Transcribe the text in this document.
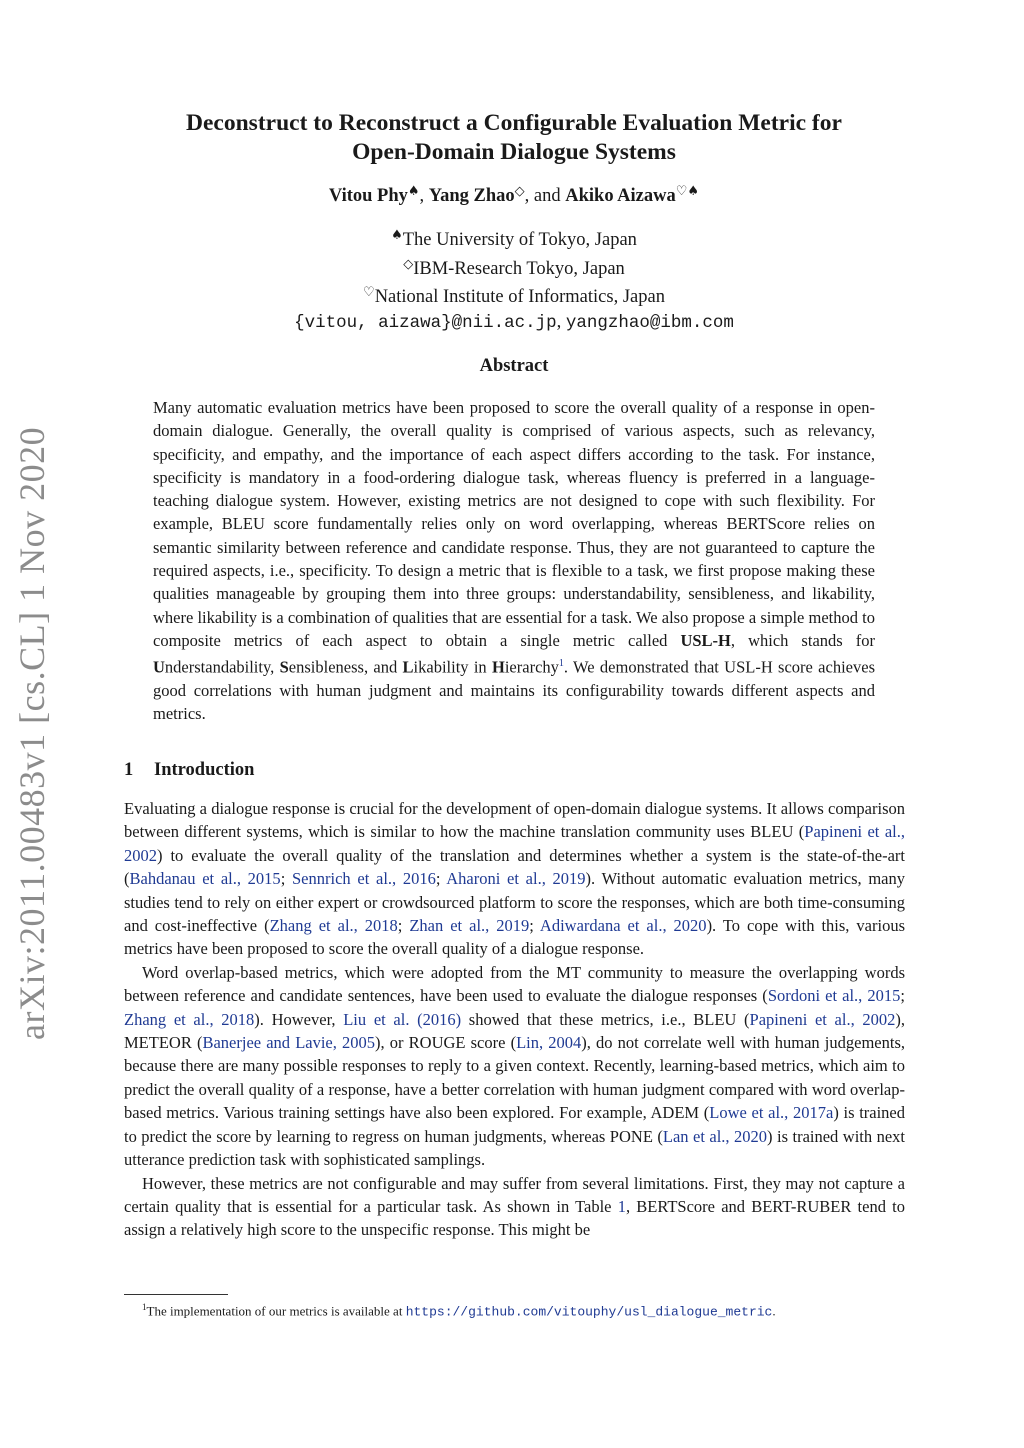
arXiv:2011.00483v1 [cs.CL] 1 Nov 2020
Deconstruct to Reconstruct a Configurable Evaluation Metric for
Open-Domain Dialogue Systems
Vitou Phy♠, Yang Zhao◇, and Akiko Aizawa♡♠
♠The University of Tokyo, Japan
◇IBM-Research Tokyo, Japan
♡National Institute of Informatics, Japan
{vitou, aizawa}@nii.ac.jp, yangzhao@ibm.com
Abstract
Many automatic evaluation metrics have been proposed to score the overall quality of a response in open-domain dialogue. Generally, the overall quality is comprised of various aspects, such as relevancy, specificity, and empathy, and the importance of each aspect differs according to the task. For instance, specificity is mandatory in a food-ordering dialogue task, whereas fluency is preferred in a language-teaching dialogue system. However, existing metrics are not designed to cope with such flexibility. For example, BLEU score fundamentally relies only on word overlapping, whereas BERTScore relies on semantic similarity between reference and candidate response. Thus, they are not guaranteed to capture the required aspects, i.e., specificity. To design a metric that is flexible to a task, we first propose making these qualities manageable by grouping them into three groups: understandability, sensibleness, and likability, where likability is a combination of qualities that are essential for a task. We also propose a simple method to composite metrics of each aspect to obtain a single metric called USL-H, which stands for Understandability, Sensibleness, and Likability in Hierarchy$^1$. We demonstrated that USL-H score achieves good correlations with human judgment and maintains its configurability towards different aspects and metrics.
1 Introduction

Evaluating a dialogue response is crucial for the development of open-domain dialogue systems. It allows comparison between different systems, which is similar to how the machine translation community uses BLEU (Papineni et al., 2002) to evaluate the overall quality of the translation and determines whether a system is the state-of-the-art (Bahdanau et al., 2015; Sennrich et al., 2016; Aharoni et al., 2019). Without automatic evaluation metrics, many studies tend to rely on either expert or crowdsourced platform to score the responses, which are both time-consuming and cost-ineffective (Zhang et al., 2018; Zhan et al., 2019; Adiwardana et al., 2020). To cope with this, various metrics have been proposed to score the overall quality of a dialogue response.

Word overlap-based metrics, which were adopted from the MT community to measure the overlapping words between reference and candidate sentences, have been used to evaluate the dialogue responses (Sordoni et al., 2015; Zhang et al., 2018). However, Liu et al. (2016) showed that these metrics, i.e., BLEU (Papineni et al., 2002), METEOR (Banerjee and Lavie, 2005), or ROUGE score (Lin, 2004), do not correlate well with human judgements, because there are many possible responses to reply to a given context. Recently, learning-based metrics, which aim to predict the overall quality of a response, have a better correlation with human judgment compared with word overlap-based metrics. Various training settings have also been explored. For example, ADEM (Lowe et al., 2017a) is trained to predict the score by learning to regress on human judgments, whereas PONE (Lan et al., 2020) is trained with next utterance prediction task with sophisticated samplings.

However, these metrics are not configurable and may suffer from several limitations. First, they may not capture a certain quality that is essential for a particular task. As shown in Table 1, BERTScore and BERT-RUBER tend to assign a relatively high score to the unspecific response. This might be

$^1$The implementation of our metrics is available at https://github.com/vitouphy/usl_dialogue_metric.
